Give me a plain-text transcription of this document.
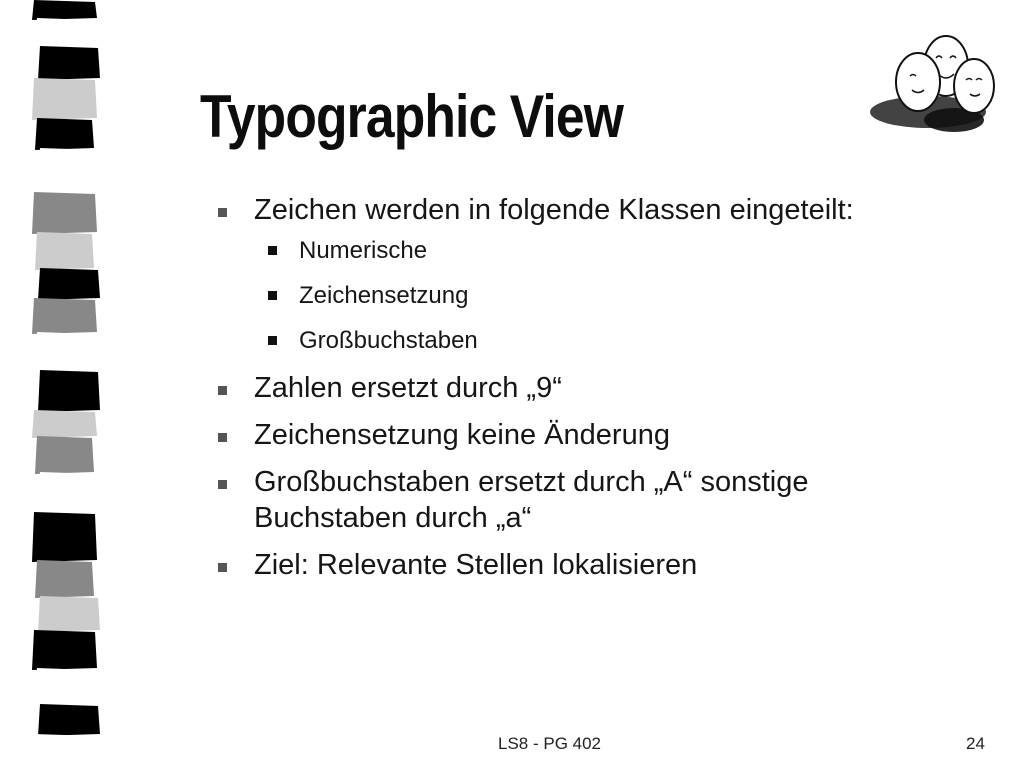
Typographic View
Zeichen werden in folgende Klassen eingeteilt:
Numerische
Zeichensetzung
Großbuchstaben
Zahlen ersetzt durch „9“
Zeichensetzung keine Änderung
Großbuchstaben ersetzt durch „A“ sonstige Buchstaben durch „a“
Ziel: Relevante Stellen lokalisieren
LS8 - PG 402	24
